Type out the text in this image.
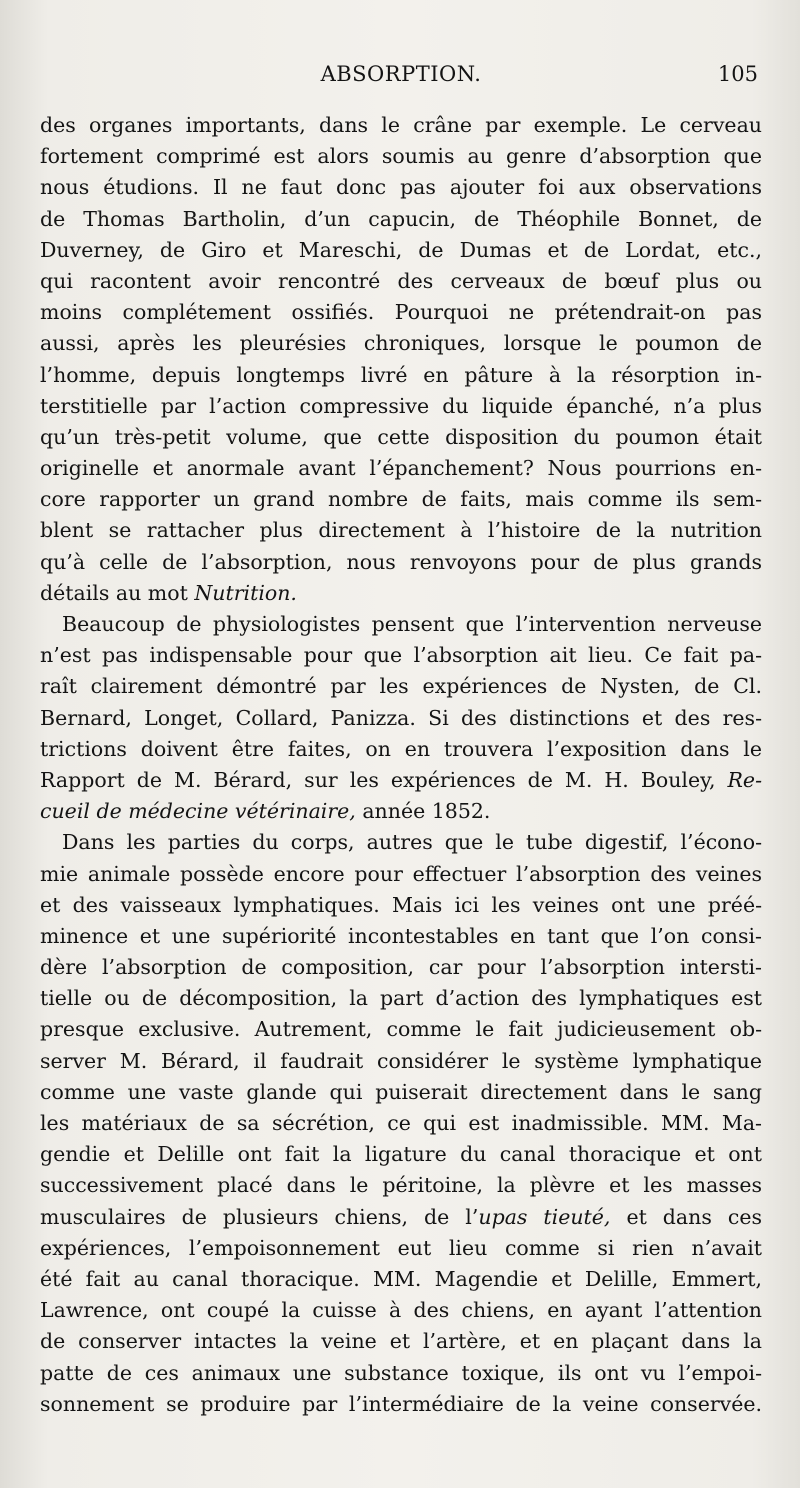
ABSORPTION.	105
des organes importants, dans le crâne par exemple. Le cerveau
fortement comprimé est alors soumis au genre d’absorption que
nous étudions. Il ne faut donc pas ajouter foi aux observations
de Thomas Bartholin, d’un capucin, de Théophile Bonnet, de
Duverney, de Giro et Mareschi, de Dumas et de Lordat, etc.,
qui racontent avoir rencontré des cerveaux de bœuf plus ou
moins complétement ossifiés. Pourquoi ne prétendrait-on pas
aussi, après les pleurésies chroniques, lorsque le poumon de
l’homme, depuis longtemps livré en pâture à la résorption in-
terstitielle par l’action compressive du liquide épanché, n’a plus
qu’un très-petit volume, que cette disposition du poumon était
originelle et anormale avant l’épanchement? Nous pourrions en-
core rapporter un grand nombre de faits, mais comme ils sem-
blent se rattacher plus directement à l’histoire de la nutrition
qu’à celle de l’absorption, nous renvoyons pour de plus grands
détails au mot Nutrition.
Beaucoup de physiologistes pensent que l’intervention nerveuse
n’est pas indispensable pour que l’absorption ait lieu. Ce fait pa-
raît clairement démontré par les expériences de Nysten, de Cl.
Bernard, Longet, Collard, Panizza. Si des distinctions et des res-
trictions doivent être faites, on en trouvera l’exposition dans le
Rapport de M. Bérard, sur les expériences de M. H. Bouley, Re-
cueil de médecine vétérinaire, année 1852.
Dans les parties du corps, autres que le tube digestif, l’écono-
mie animale possède encore pour effectuer l’absorption des veines
et des vaisseaux lymphatiques. Mais ici les veines ont une préé-
minence et une supériorité incontestables en tant que l’on consi-
dère l’absorption de composition, car pour l’absorption intersti-
tielle ou de décomposition, la part d’action des lymphatiques est
presque exclusive. Autrement, comme le fait judicieusement ob-
server M. Bérard, il faudrait considérer le système lymphatique
comme une vaste glande qui puiserait directement dans le sang
les matériaux de sa sécrétion, ce qui est inadmissible. MM. Ma-
gendie et Delille ont fait la ligature du canal thoracique et ont
successivement placé dans le péritoine, la plèvre et les masses
musculaires de plusieurs chiens, de l’upas tieuté, et dans ces
expériences, l’empoisonnement eut lieu comme si rien n’avait
été fait au canal thoracique. MM. Magendie et Delille, Emmert,
Lawrence, ont coupé la cuisse à des chiens, en ayant l’attention
de conserver intactes la veine et l’artère, et en plaçant dans la
patte de ces animaux une substance toxique, ils ont vu l’empoi-
sonnement se produire par l’intermédiaire de la veine conservée.
